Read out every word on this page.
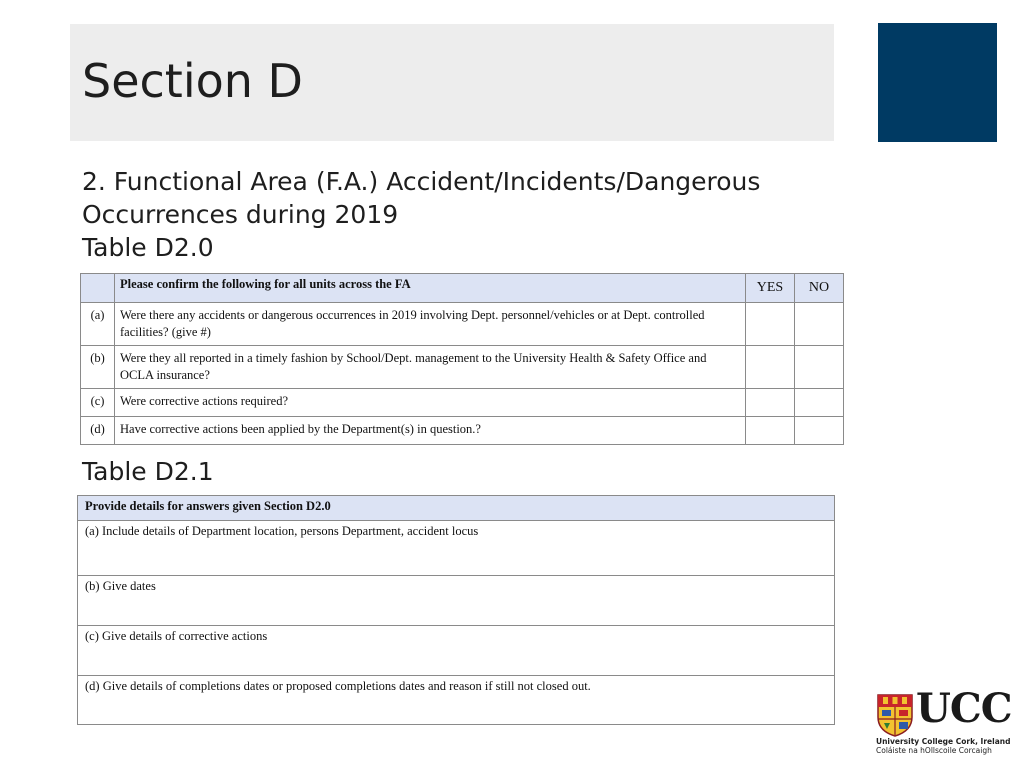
Section D
2. Functional Area (F.A.) Accident/Incidents/Dangerous
Occurrences during 2019
Table D2.0
	Please confirm the following for all units across the FA	YES	NO
(a)	Were there any accidents or dangerous occurrences in 2019 involving Dept. personnel/vehicles or at Dept. controlled facilities? (give #)		
(b)	Were they all reported in a timely fashion by School/Dept. management to the University Health & Safety Office and OCLA insurance?		
(c)	Were corrective actions required?		
(d)	Have corrective actions been applied by the Department(s) in question.?		
Table D2.1
Provide details for answers given Section D2.0
(a) Include details of Department location, persons Department, accident locus
(b) Give dates
(c) Give details of corrective actions
(d) Give details of completions dates or proposed completions dates and reason if still not closed out.	UCC
University College Cork, Ireland
Coláiste na hOllscoile Corcaigh
